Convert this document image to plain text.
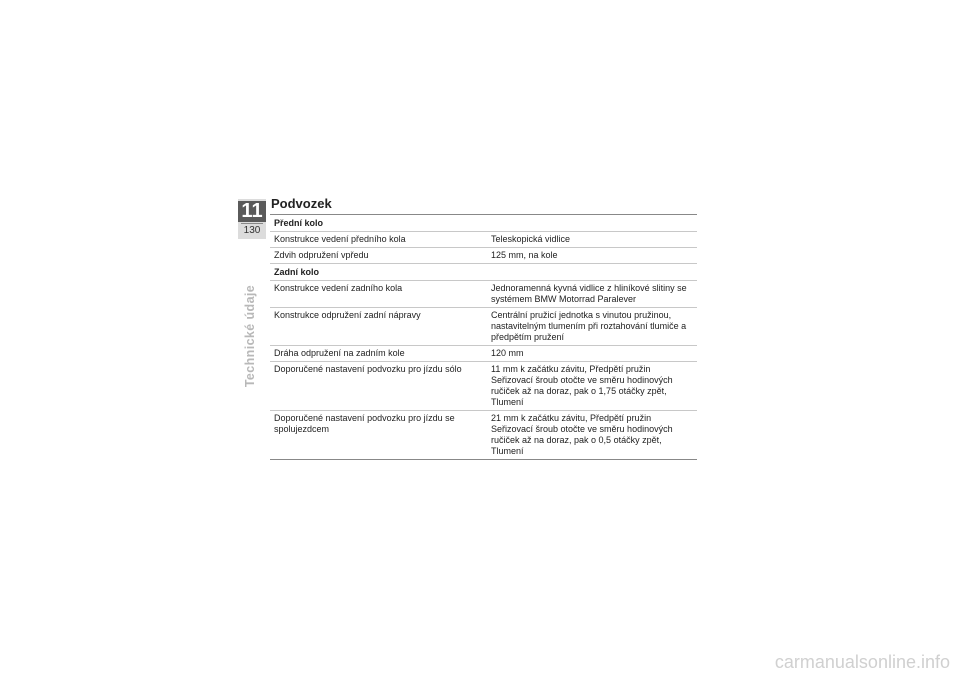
11
130
Technické údaje
Podvozek
Přední kolo	
Konstrukce vedení předního kola	Teleskopická vidlice

Zdvih odpružení vpředu	125 mm, na kole

Zadní kolo	
Konstrukce vedení zadního kola	Jednoramenná kyvná vidlice z hliníkové slitiny se systémem BMW Motorrad Paralever

Konstrukce odpružení zadní nápravy	Centrální pružicí jednotka s vinutou pružinou, nastavitelným tlumením při roztahování tlumiče a předpětím pružení

Dráha odpružení na zadním kole	120 mm

Doporučené nastavení podvozku pro jízdu sólo	11 mm k začátku závitu, Předpětí pružin
Seřizovací šroub otočte ve směru hodinových ručiček až na doraz, pak o 1,75 otáčky zpět, Tlumení

Doporučené nastavení podvozku pro jízdu se spolujezdcem	21 mm k začátku závitu, Předpětí pružin
Seřizovací šroub otočte ve směru hodinových ručiček až na doraz, pak o 0,5 otáčky zpět, Tlumení
carmanualsonline.info
